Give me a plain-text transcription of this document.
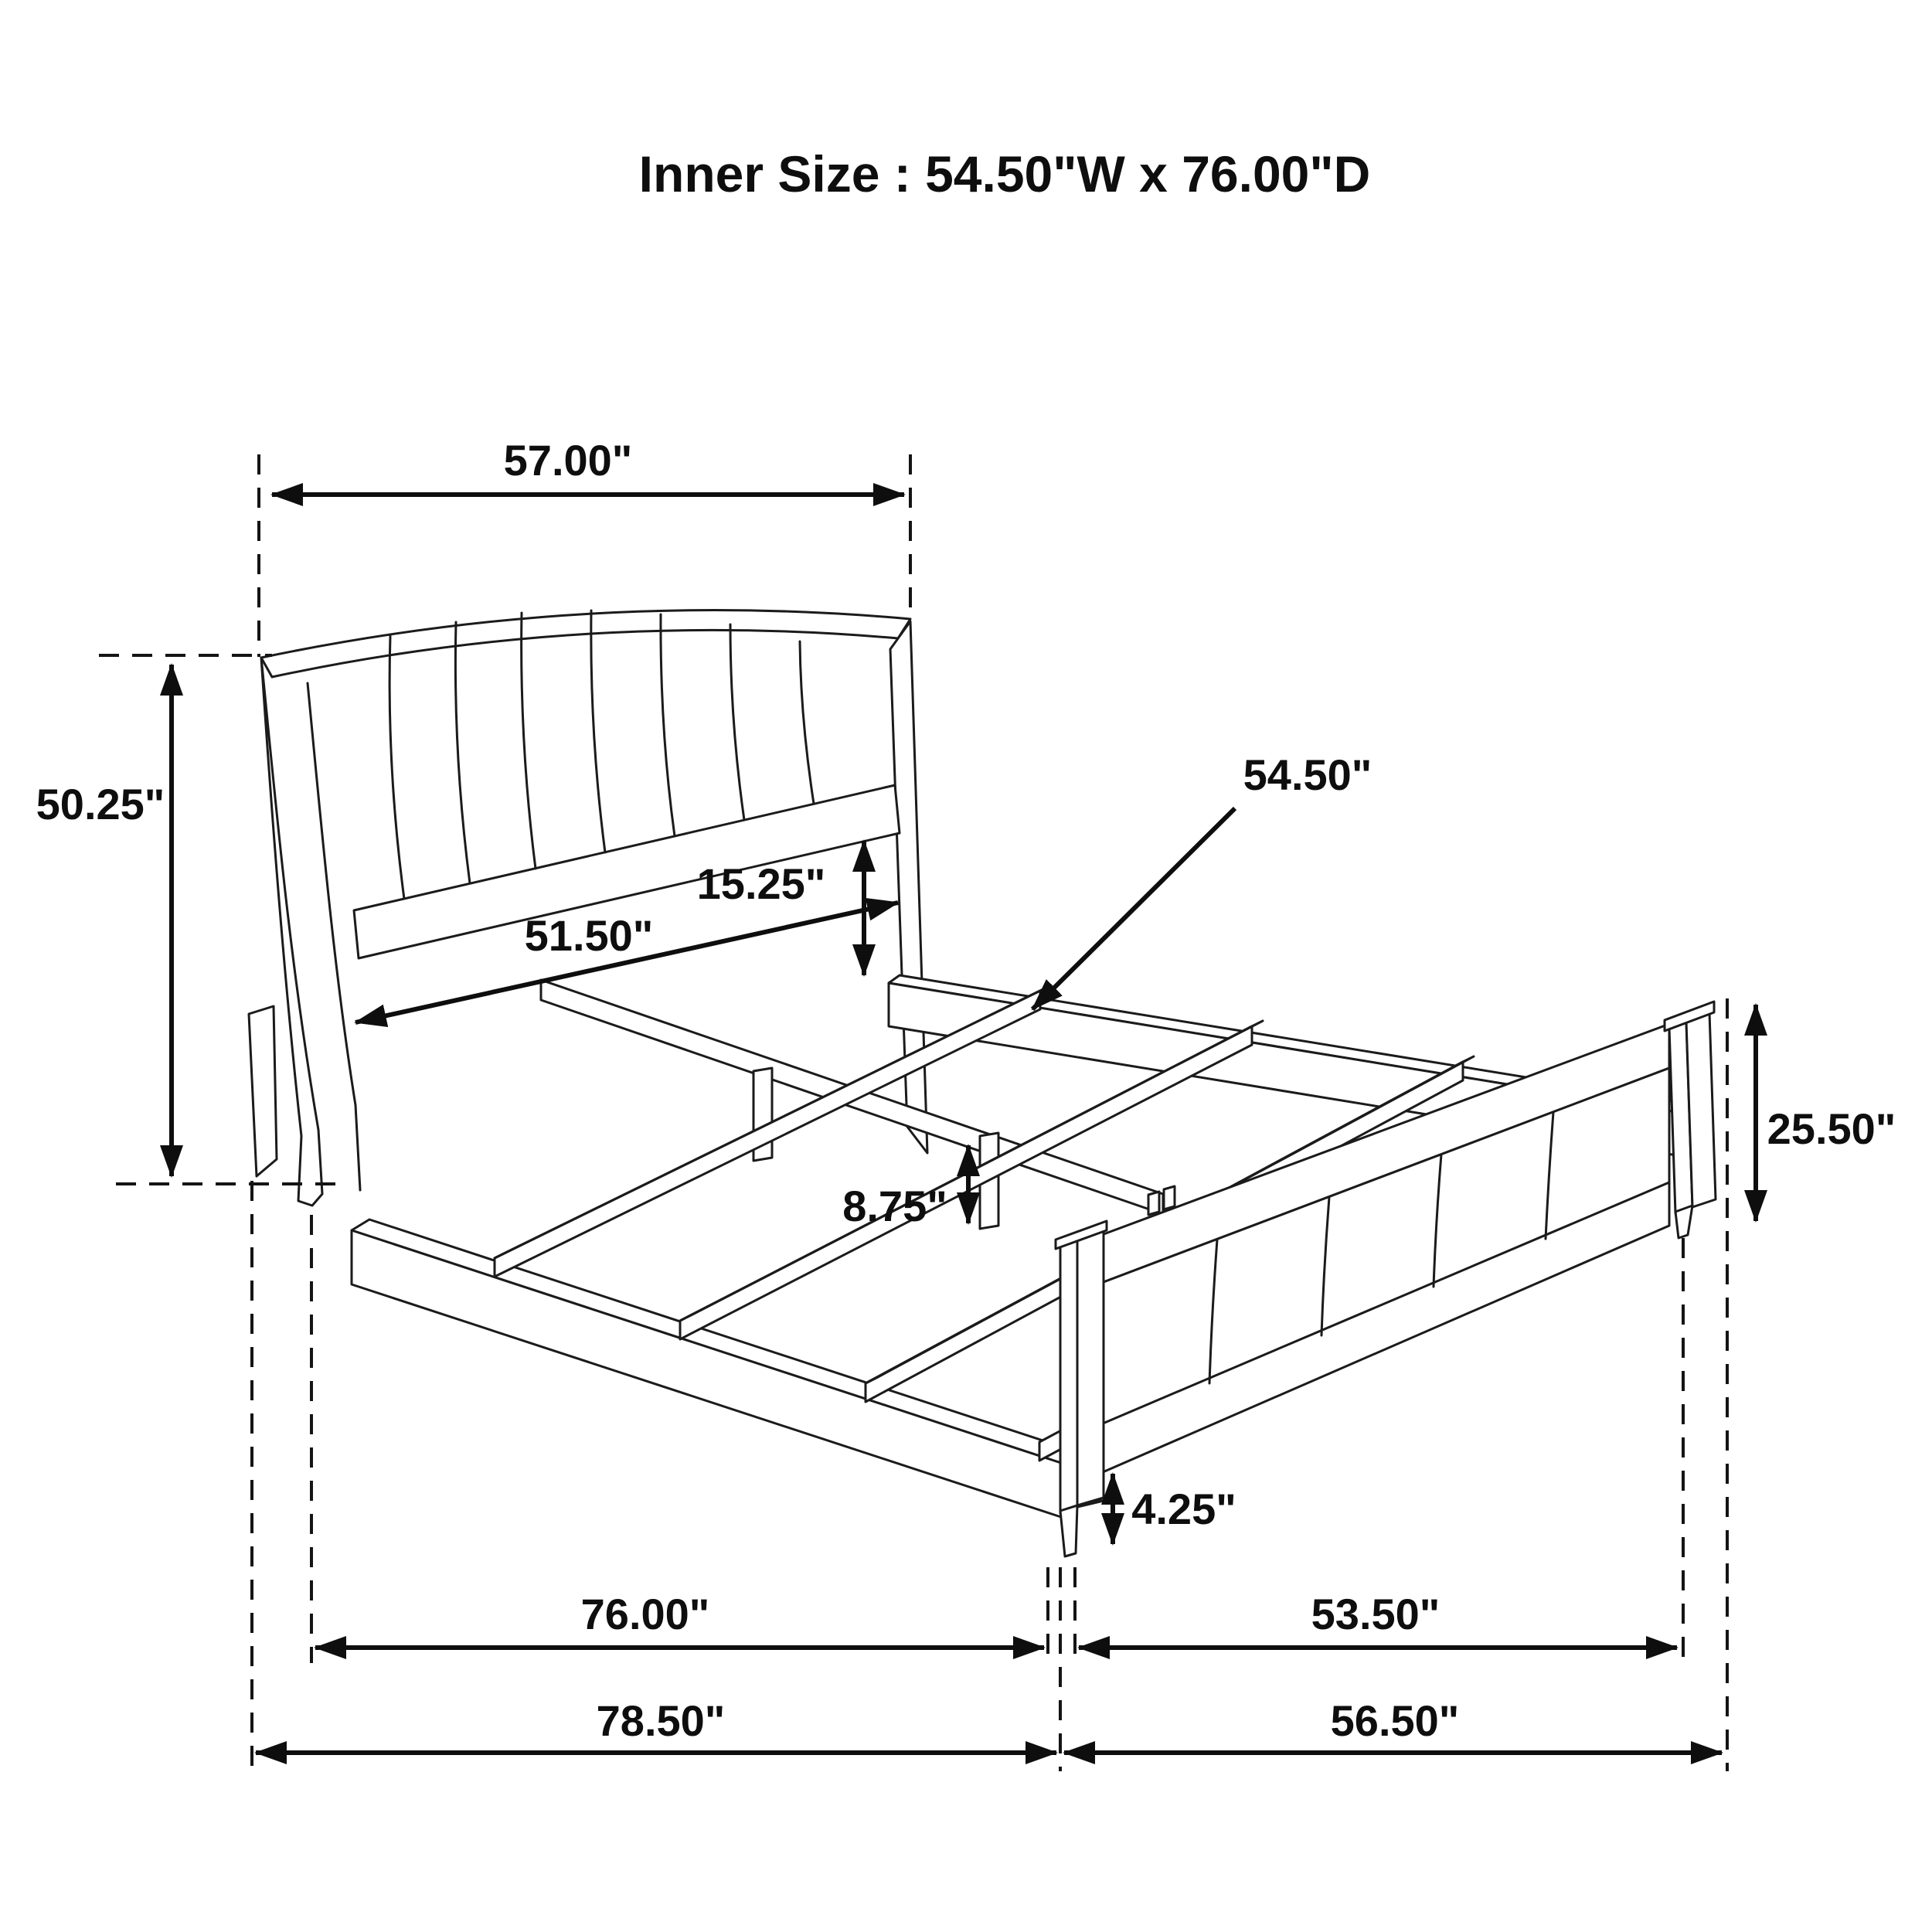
Inner Size : 54.50"W x 76.00"D
57.00"
50.25"
15.25"
51.50"
54.50"
25.50"
8.75"
4.25"
76.00"	53.50"
78.50"	56.50"
